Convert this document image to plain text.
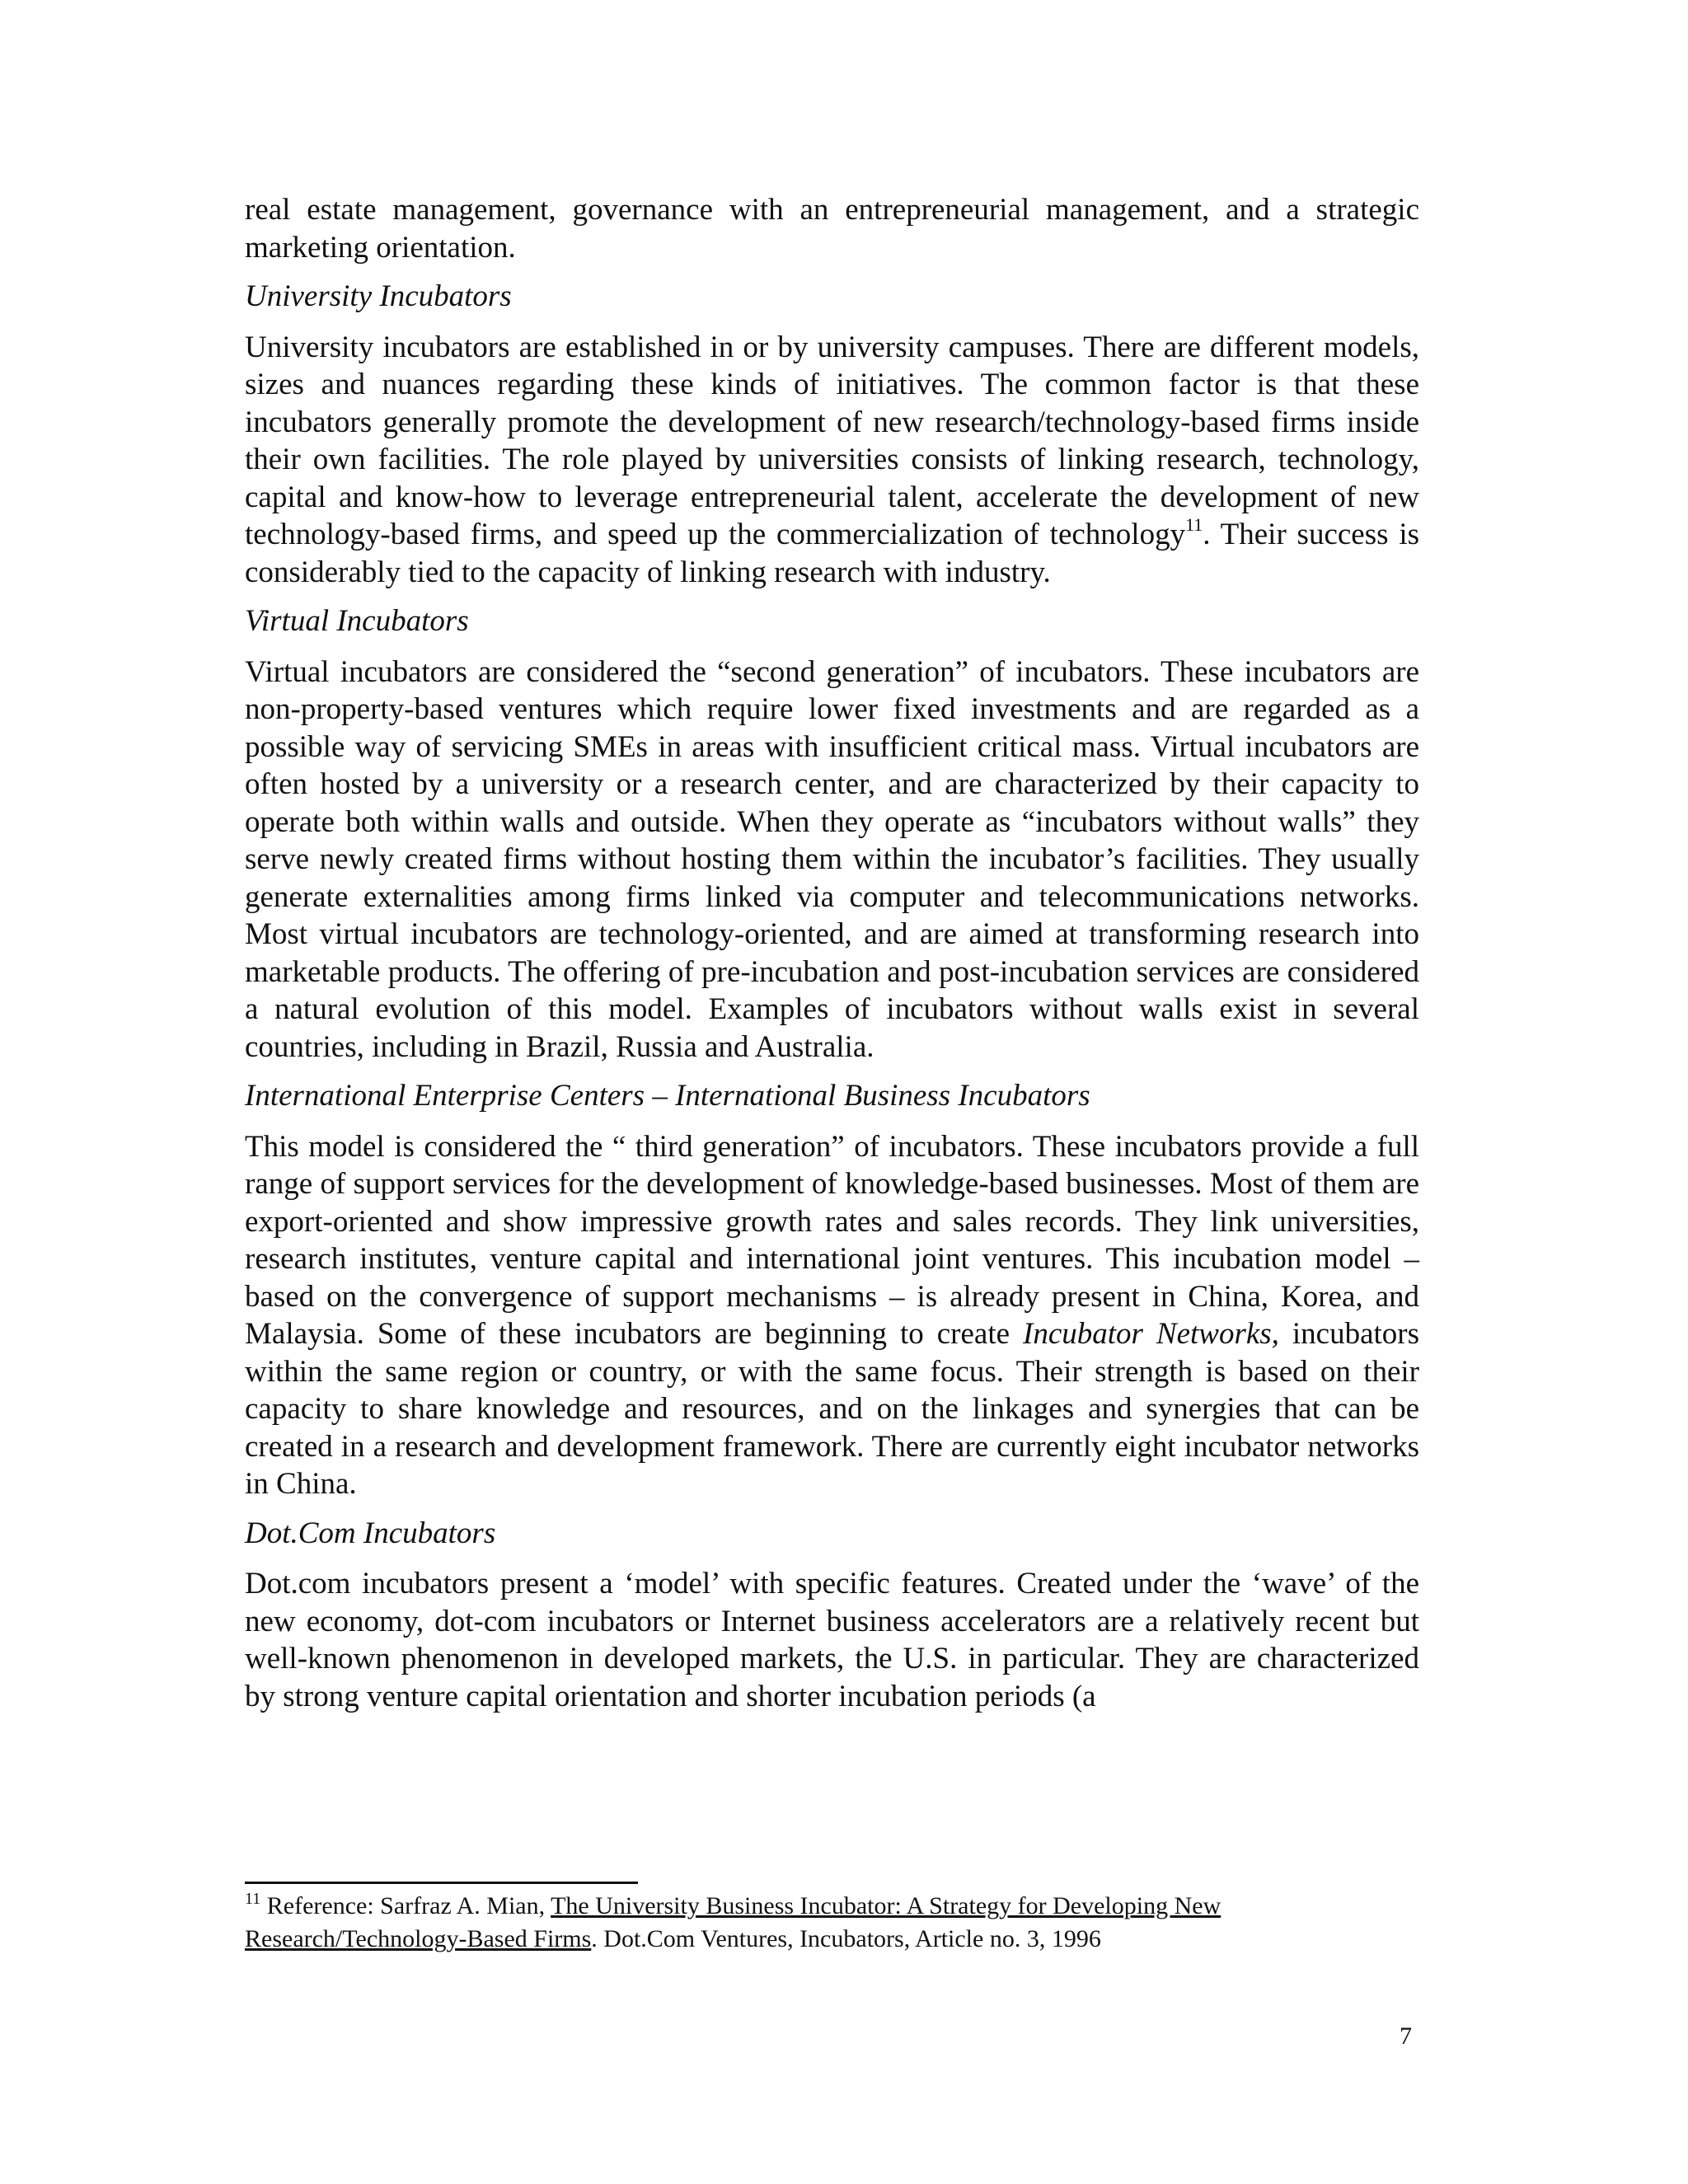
real estate management, governance with an entrepreneurial management, and a strategic marketing orientation.

University Incubators

University incubators are established in or by university campuses. There are different models, sizes and nuances regarding these kinds of initiatives. The common factor is that these incubators generally promote the development of new research/technology-based firms inside their own facilities. The role played by universities consists of linking research, technology, capital and know-how to leverage entrepreneurial talent, accelerate the development of new technology-based firms, and speed up the commercialization of technology$^{11}$. Their success is considerably tied to the capacity of linking research with industry.

Virtual Incubators

Virtual incubators are considered the “second generation” of incubators. These incubators are non-property-based ventures which require lower fixed investments and are regarded as a possible way of servicing SMEs in areas with insufficient critical mass. Virtual incubators are often hosted by a university or a research center, and are characterized by their capacity to operate both within walls and outside. When they operate as “incubators without walls” they serve newly created firms without hosting them within the incubator’s facilities. They usually generate externalities among firms linked via computer and telecommunications networks. Most virtual incubators are technology-oriented, and are aimed at transforming research into marketable products. The offering of pre-incubation and post-incubation services are considered a natural evolution of this model. Examples of incubators without walls exist in several countries, including in Brazil, Russia and Australia.

International Enterprise Centers – International Business Incubators

This model is considered the “ third generation” of incubators. These incubators provide a full range of support services for the development of knowledge-based businesses. Most of them are export-oriented and show impressive growth rates and sales records. They link universities, research institutes, venture capital and international joint ventures. This incubation model – based on the convergence of support mechanisms – is already present in China, Korea, and Malaysia. Some of these incubators are beginning to create Incubator Networks, incubators within the same region or country, or with the same focus. Their strength is based on their capacity to share knowledge and resources, and on the linkages and synergies that can be created in a research and development framework. There are currently eight incubator networks in China.

Dot.Com Incubators

Dot.com incubators present a ‘model’ with specific features. Created under the ‘wave’ of the new economy, dot-com incubators or Internet business accelerators are a relatively recent but well-known phenomenon in developed markets, the U.S. in particular. They are characterized by strong venture capital orientation and shorter incubation periods (a

$^{11}$ Reference: Sarfraz A. Mian, The University Business Incubator: A Strategy for Developing New Research/Technology-Based Firms. Dot.Com Ventures, Incubators, Article no. 3, 1996
7
